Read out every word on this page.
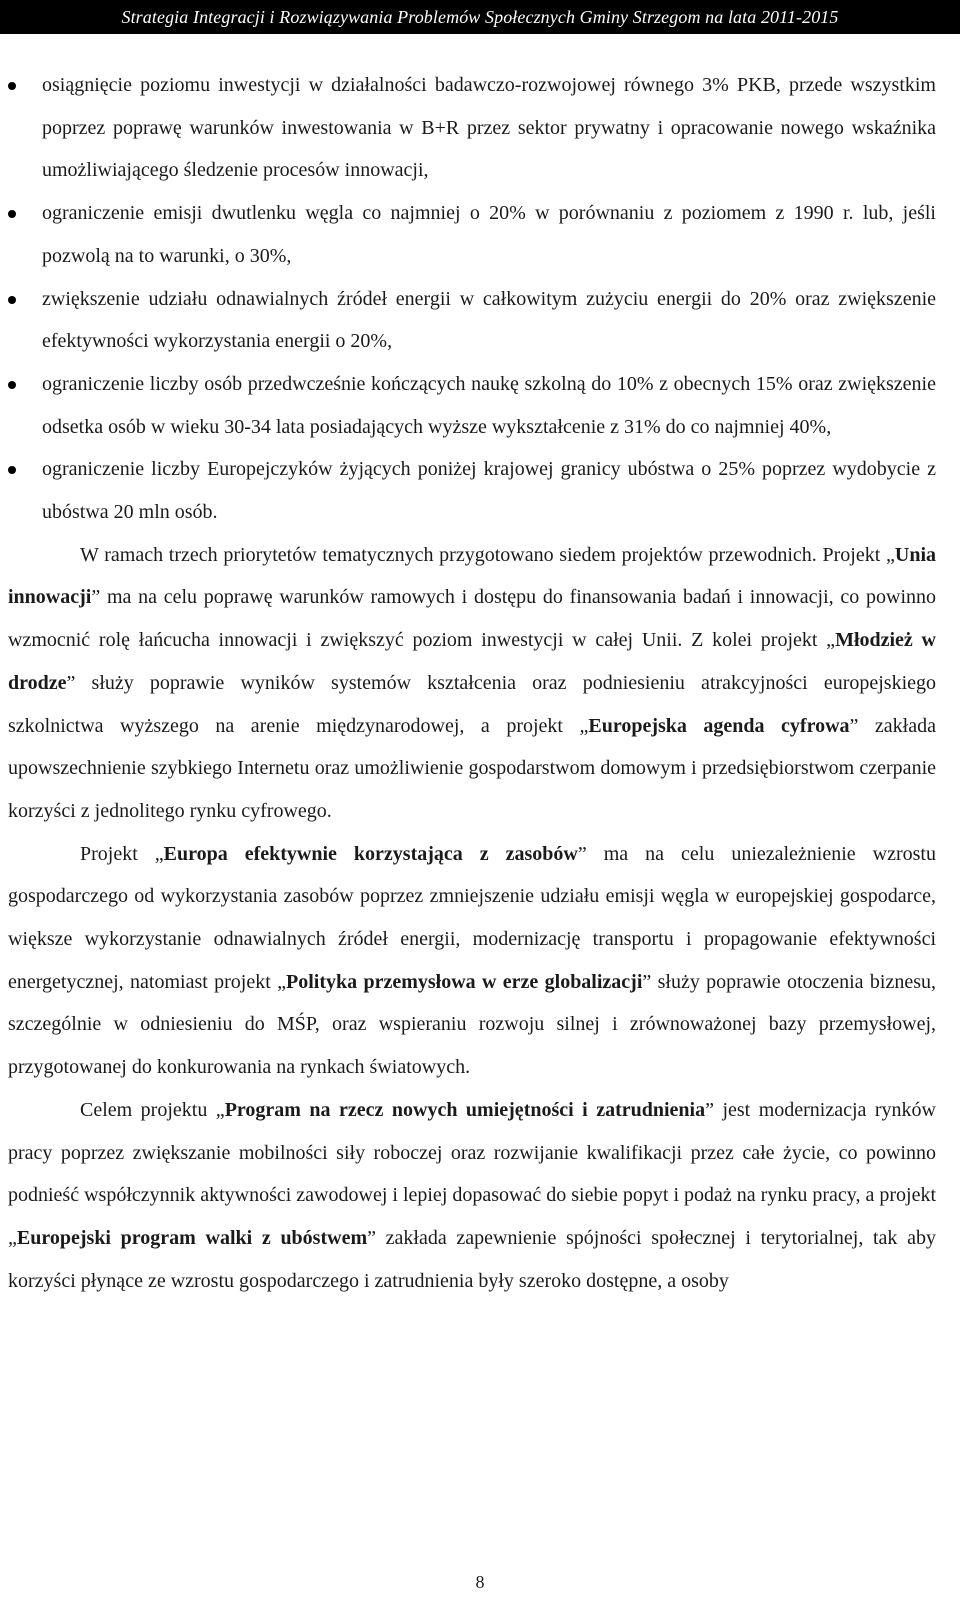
Strategia Integracji i Rozwiązywania Problemów Społecznych Gminy Strzegom na lata 2011-2015
osiągnięcie poziomu inwestycji w działalności badawczo-rozwojowej równego 3% PKB, przede wszystkim poprzez poprawę warunków inwestowania w B+R przez sektor prywatny i opracowanie nowego wskaźnika umożliwiającego śledzenie procesów innowacji,
ograniczenie emisji dwutlenku węgla co najmniej o 20% w porównaniu z poziomem z 1990 r. lub, jeśli pozwolą na to warunki, o 30%,
zwiększenie udziału odnawialnych źródeł energii w całkowitym zużyciu energii do 20% oraz zwiększenie efektywności wykorzystania energii o 20%,
ograniczenie liczby osób przedwcześnie kończących naukę szkolną do 10% z obecnych 15% oraz zwiększenie odsetka osób w wieku 30-34 lata posiadających wyższe wykształcenie z 31% do co najmniej 40%,
ograniczenie liczby Europejczyków żyjących poniżej krajowej granicy ubóstwa o 25% poprzez wydobycie z ubóstwa 20 mln osób.

W ramach trzech priorytetów tematycznych przygotowano siedem projektów przewodnich. Projekt „Unia innowacji” ma na celu poprawę warunków ramowych i dostępu do finansowania badań i innowacji, co powinno wzmocnić rolę łańcucha innowacji i zwiększyć poziom inwestycji w całej Unii. Z kolei projekt „Młodzież w drodze” służy poprawie wyników systemów kształcenia oraz podniesieniu atrakcyjności europejskiego szkolnictwa wyższego na arenie międzynarodowej, a projekt „Europejska agenda cyfrowa” zakłada upowszechnienie szybkiego Internetu oraz umożliwienie gospodarstwom domowym i przedsiębiorstwom czerpanie korzyści z jednolitego rynku cyfrowego.

Projekt „Europa efektywnie korzystająca z zasobów” ma na celu uniezależnienie wzrostu gospodarczego od wykorzystania zasobów poprzez zmniejszenie udziału emisji węgla w europejskiej gospodarce, większe wykorzystanie odnawialnych źródeł energii, modernizację transportu i propagowanie efektywności energetycznej, natomiast projekt „Polityka przemysłowa w erze globalizacji” służy poprawie otoczenia biznesu, szczególnie w odniesieniu do MŚP, oraz wspieraniu rozwoju silnej i zrównoważonej bazy przemysłowej, przygotowanej do konkurowania na rynkach światowych.

Celem projektu „Program na rzecz nowych umiejętności i zatrudnienia” jest modernizacja rynków pracy poprzez zwiększanie mobilności siły roboczej oraz rozwijanie kwalifikacji przez całe życie, co powinno podnieść współczynnik aktywności zawodowej i lepiej dopasować do siebie popyt i podaż na rynku pracy, a projekt „Europejski program walki z ubóstwem” zakłada zapewnienie spójności społecznej i terytorialnej, tak aby korzyści płynące ze wzrostu gospodarczego i zatrudnienia były szeroko dostępne, a osoby

8
